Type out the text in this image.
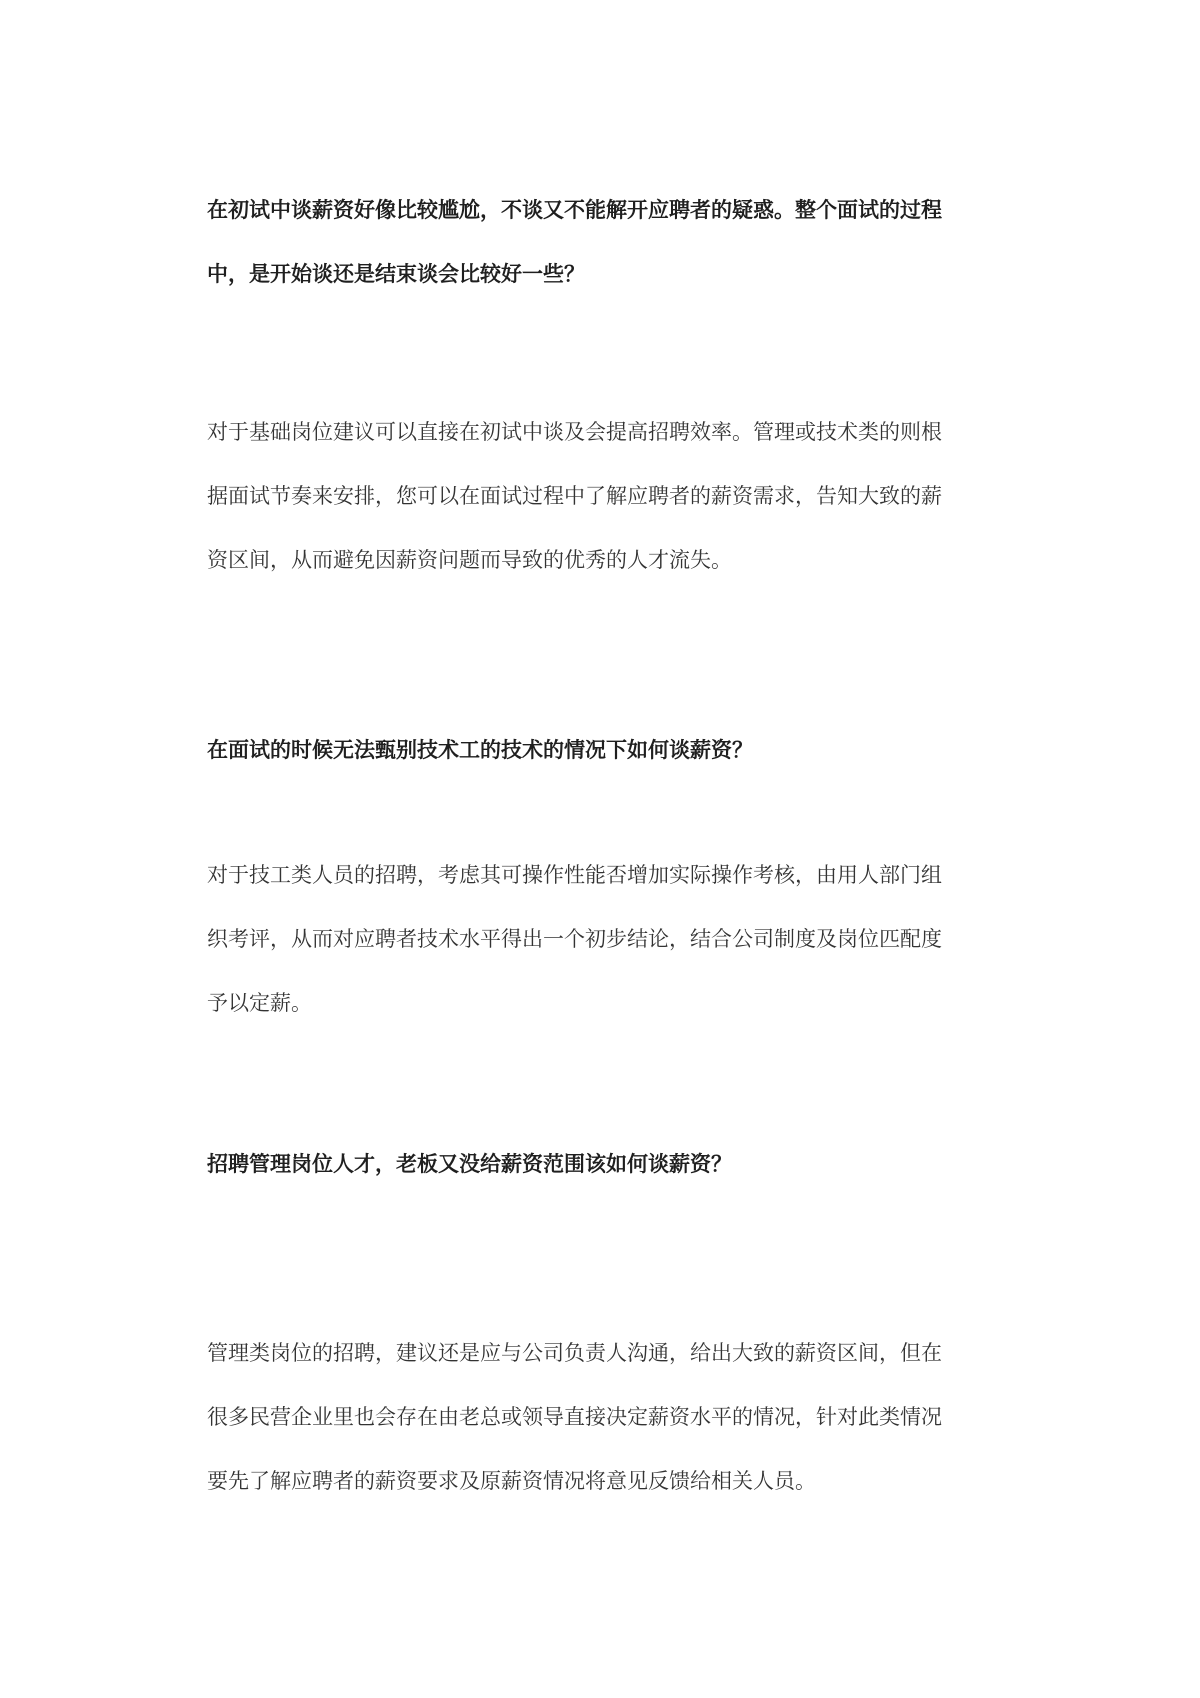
在初试中谈薪资好像比较尴尬，不谈又不能解开应聘者的疑惑。整个面试的过程
中，是开始谈还是结束谈会比较好一些？
对于基础岗位建议可以直接在初试中谈及会提高招聘效率。管理或技术类的则根
据面试节奏来安排，您可以在面试过程中了解应聘者的薪资需求，告知大致的薪
资区间，从而避免因薪资问题而导致的优秀的人才流失。
在面试的时候无法甄别技术工的技术的情况下如何谈薪资？
对于技工类人员的招聘，考虑其可操作性能否增加实际操作考核，由用人部门组
织考评，从而对应聘者技术水平得出一个初步结论，结合公司制度及岗位匹配度
予以定薪。
招聘管理岗位人才，老板又没给薪资范围该如何谈薪资？
管理类岗位的招聘，建议还是应与公司负责人沟通，给出大致的薪资区间，但在
很多民营企业里也会存在由老总或领导直接决定薪资水平的情况，针对此类情况
要先了解应聘者的薪资要求及原薪资情况将意见反馈给相关人员。
